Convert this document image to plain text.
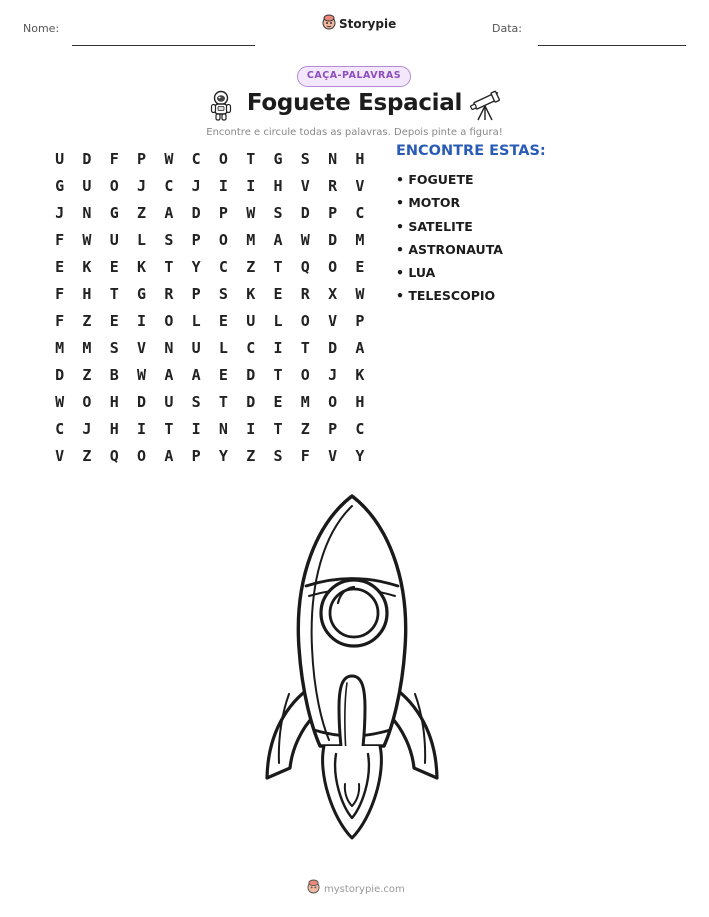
Nome:	Storypie	Data:
CAÇA-PALAVRAS
Foguete Espacial
Encontre e circule todas as palavras. Depois pinte a figura!
U	D	F	P	W	C	O	T	G	S	N	H
G	U	O	J	C	J	I	I	H	V	R	V
J	N	G	Z	A	D	P	W	S	D	P	C
F	W	U	L	S	P	O	M	A	W	D	M
E	K	E	K	T	Y	C	Z	T	Q	O	E
F	H	T	G	R	P	S	K	E	R	X	W
F	Z	E	I	O	L	E	U	L	O	V	P
M	M	S	V	N	U	L	C	I	T	D	A
D	Z	B	W	A	A	E	D	T	O	J	K
W	O	H	D	U	S	T	D	E	M	O	H
C	J	H	I	T	I	N	I	T	Z	P	C
V	Z	Q	O	A	P	Y	Z	S	F	V	Y
ENCONTRE ESTAS:
• FOGUETE
• MOTOR
• SATELITE
• ASTRONAUTA
• LUA
• TELESCOPIO
mystorypie.com
